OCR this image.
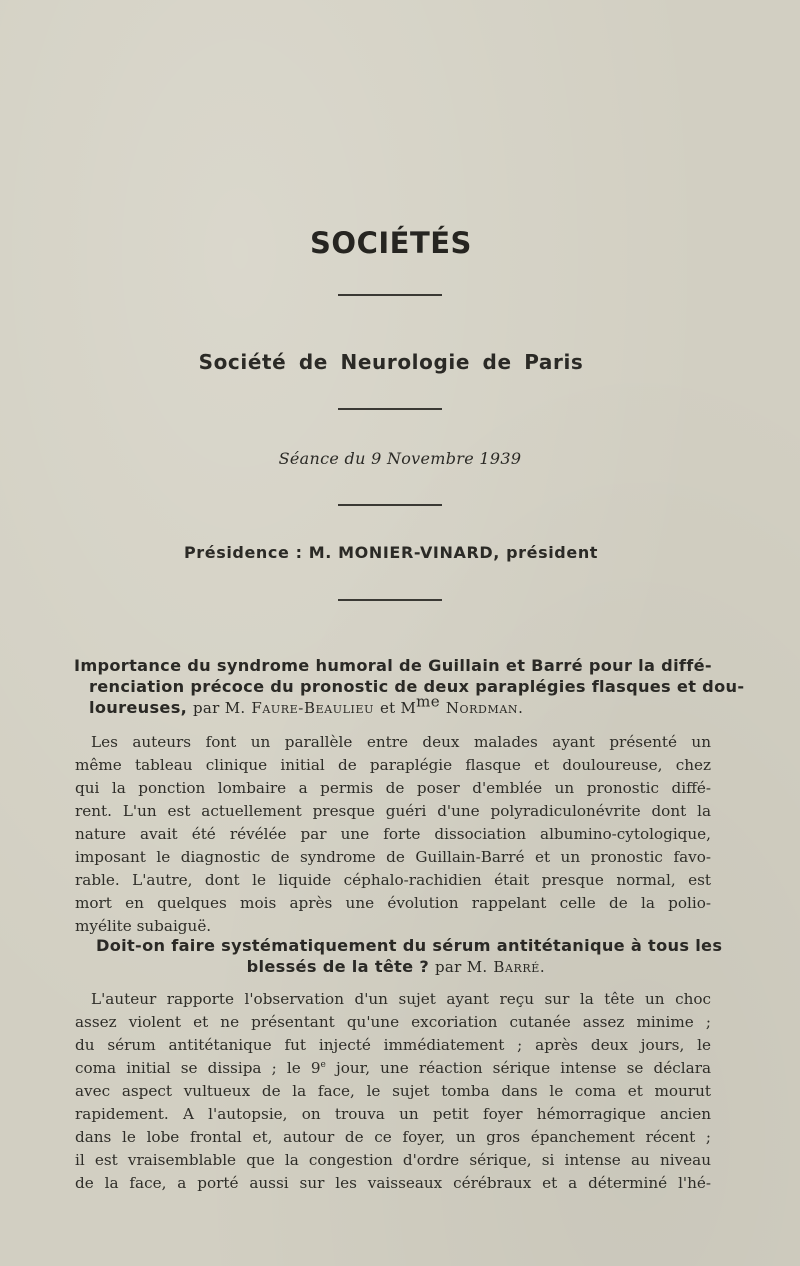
SOCIÉTÉS
Société de Neurologie de Paris
Séance du 9 Novembre 1939
Présidence : M. MONIER-VINARD, président
Importance du syndrome humoral de Guillain et Barré pour la diffé-
renciation précoce du pronostic de deux paraplégies flasques et dou-
loureuses, par M. Faure-Beaulieu et $M^{me}$ Nordman.
Les auteurs font un parallèle entre deux malades ayant présenté un
même tableau clinique initial de paraplégie flasque et douloureuse, chez
qui la ponction lombaire a permis de poser d'emblée un pronostic diffé-
rent. L'un est actuellement presque guéri d'une polyradiculonévrite dont la
nature avait été révélée par une forte dissociation albumino-cytologique,
imposant le diagnostic de syndrome de Guillain-Barré et un pronostic favo-
rable. L'autre, dont le liquide céphalo-rachidien était presque normal, est
mort en quelques mois après une évolution rappelant celle de la polio-
myélite subaiguë.
Doit-on faire systématiquement du sérum antitétanique à tous les
blessés de la tête ? par M. Barré.
L'auteur rapporte l'observation d'un sujet ayant reçu sur la tête un choc
assez violent et ne présentant qu'une excoriation cutanée assez minime ;
du sérum antitétanique fut injecté immédiatement ; après deux jours, le
coma initial se dissipa ; le 9e jour, une réaction sérique intense se déclara
avec aspect vultueux de la face, le sujet tomba dans le coma et mourut
rapidement. A l'autopsie, on trouva un petit foyer hémorragique ancien
dans le lobe frontal et, autour de ce foyer, un gros épanchement récent ;
il est vraisemblable que la congestion d'ordre sérique, si intense au niveau
de la face, a porté aussi sur les vaisseaux cérébraux et a déterminé l'hé-
